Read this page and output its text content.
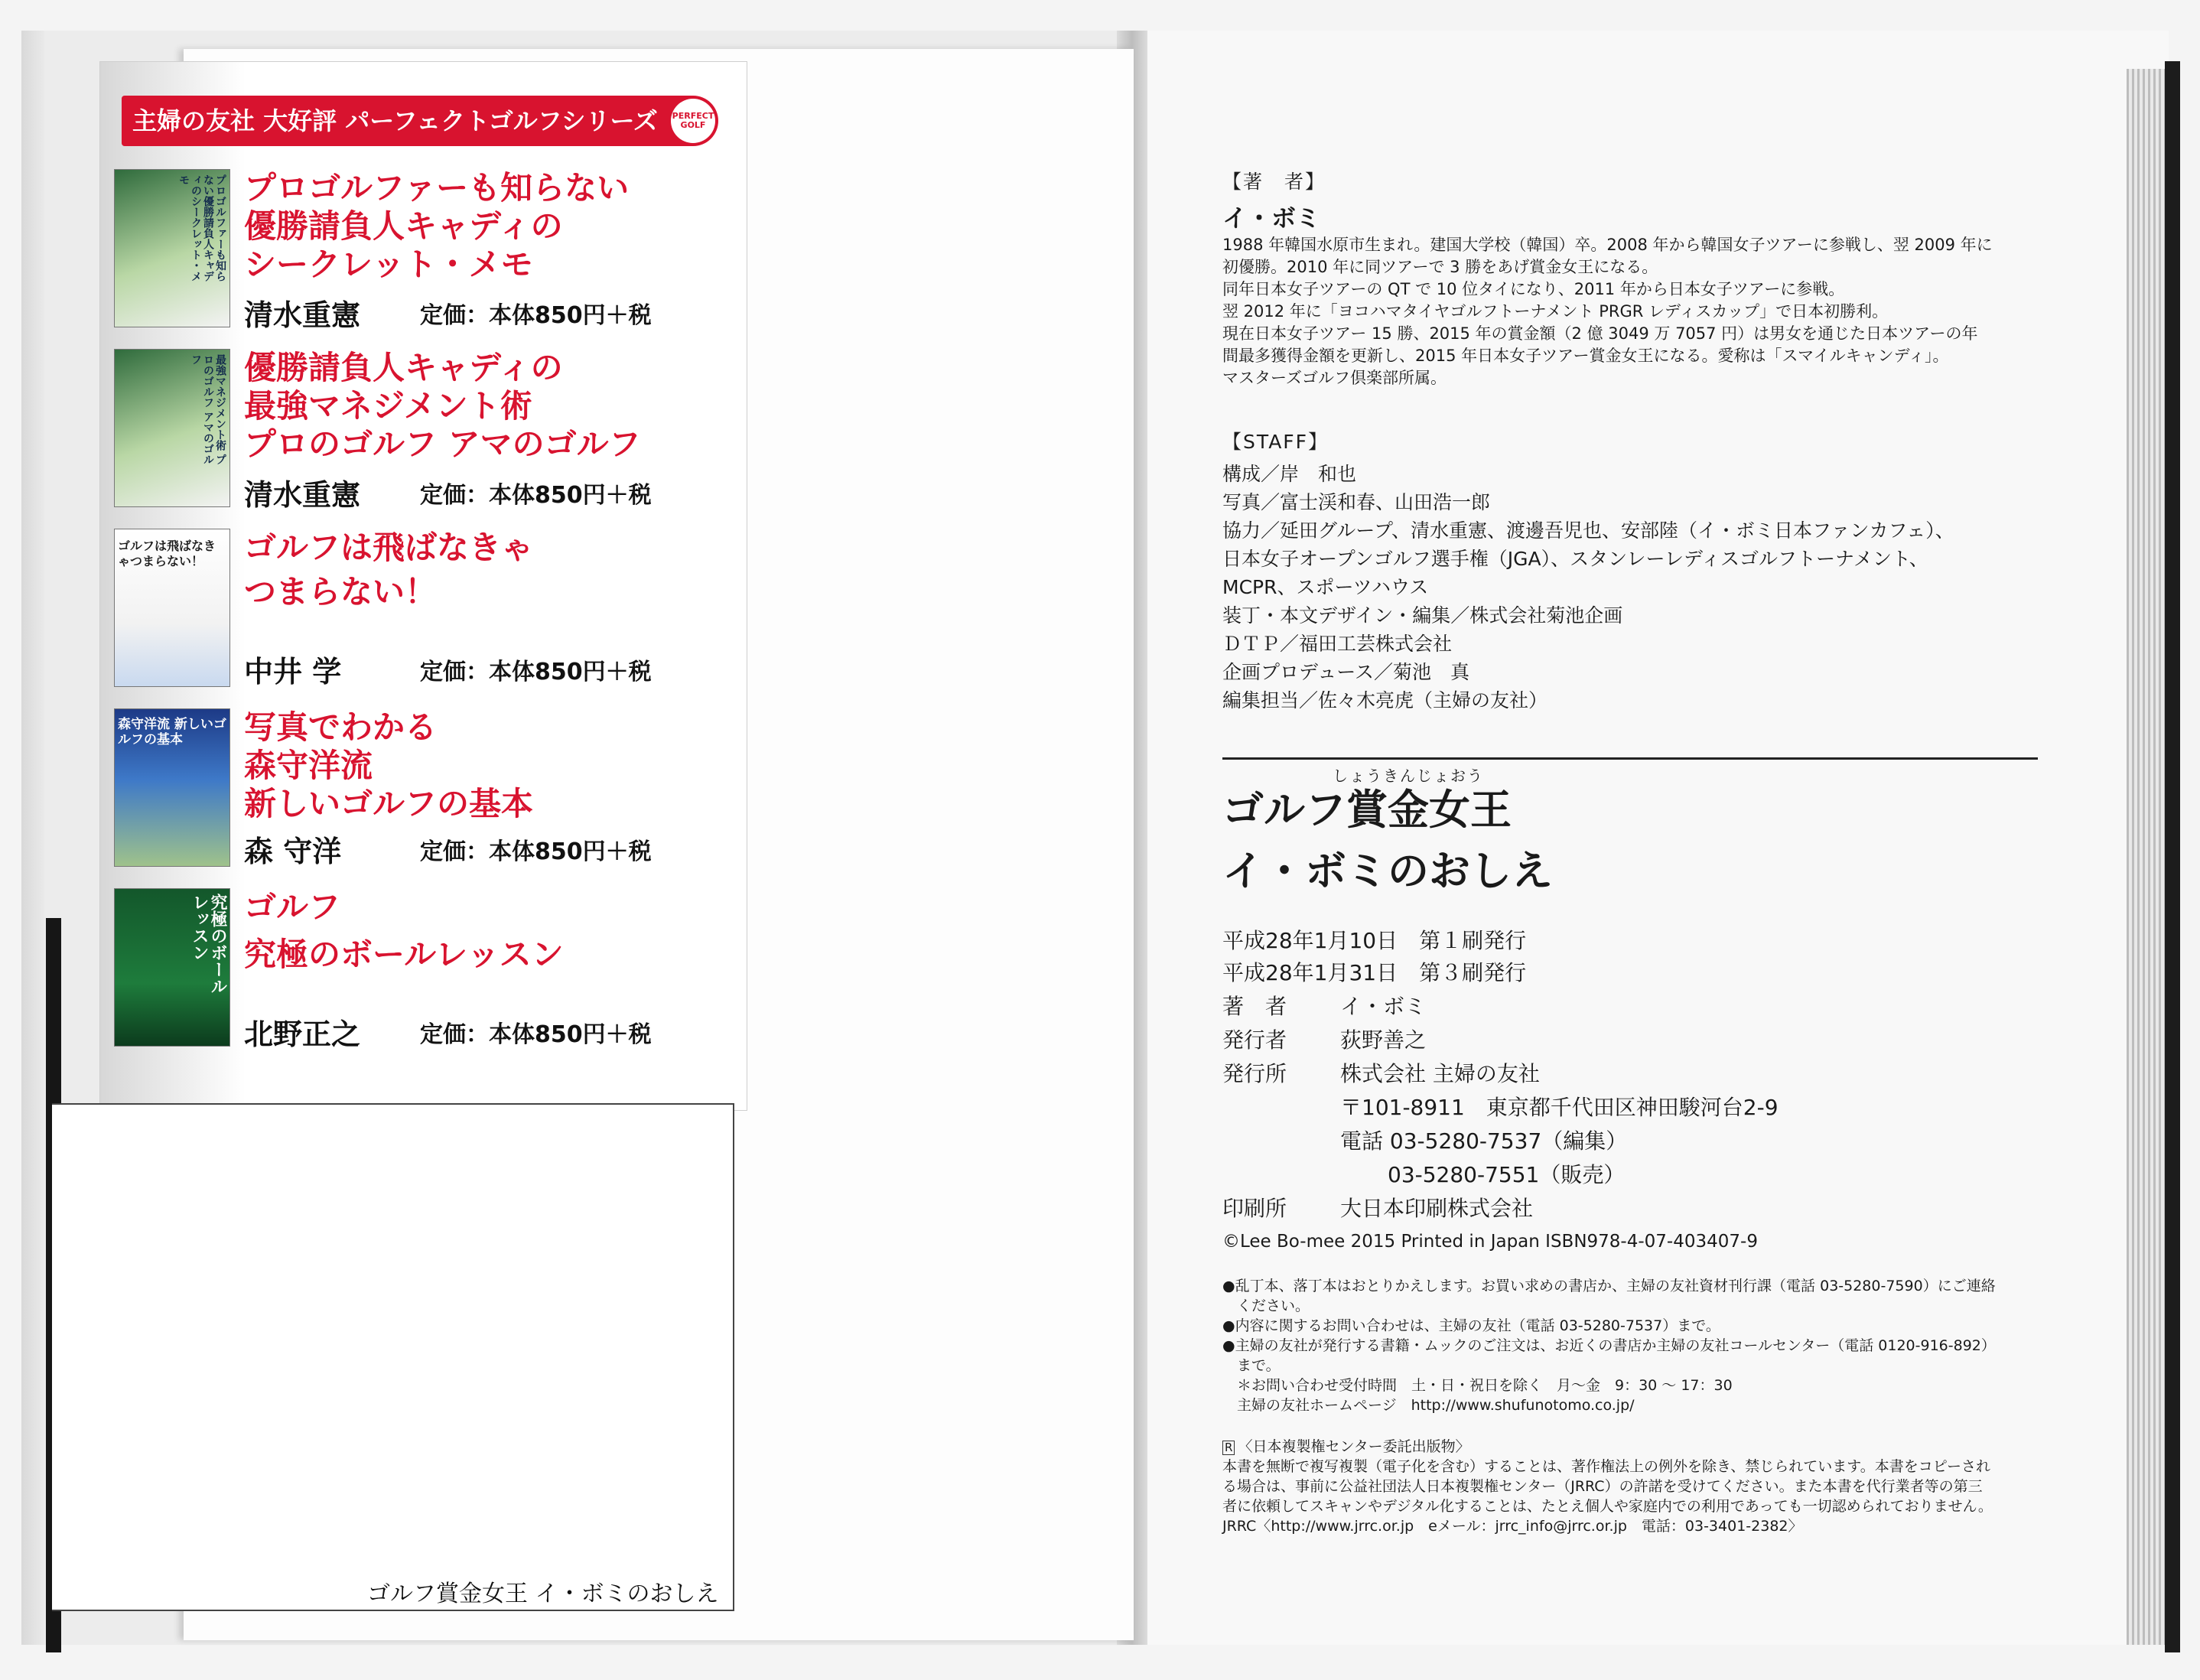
主婦の友社 大好評 パーフェクトゴルフシリーズ PERFECT GOLF
プロゴルファーも知らない優勝請負人キャディのシークレット・メモ	プロゴルファーも知らない
優勝請負人キャディの
シークレット・メモ
清水重憲	定価：本体850円＋税
最強マネジメント術 プロのゴルフ アマのゴルフ	優勝請負人キャディの
最強マネジメント術
プロのゴルフ アマのゴルフ
清水重憲	定価：本体850円＋税
ゴルフは飛ばなきゃつまらない！	ゴルフは飛ばなきゃ
つまらない！
中井 学	定価：本体850円＋税
森守洋流 新しいゴルフの基本	写真でわかる
森守洋流
新しいゴルフの基本
森 守洋	定価：本体850円＋税
究極のボールレッスン	ゴルフ
究極のボールレッスン
北野正之	定価：本体850円＋税
ゴルフ賞金女王 イ・ボミのおしえ
【著　者】
イ・ボミ
1988 年韓国水原市生まれ。建国大学校（韓国）卒。2008 年から韓国女子ツアーに参戦し、翌 2009 年に
初優勝。2010 年に同ツアーで 3 勝をあげ賞金女王になる。
同年日本女子ツアーの QT で 10 位タイになり、2011 年から日本女子ツアーに参戦。
翌 2012 年に「ヨコハマタイヤゴルフトーナメント PRGR レディスカップ」で日本初勝利。
現在日本女子ツアー 15 勝、2015 年の賞金額（2 億 3049 万 7057 円）は男女を通じた日本ツアーの年
間最多獲得金額を更新し、2015 年日本女子ツアー賞金女王になる。愛称は「スマイルキャンディ」。
マスターズゴルフ倶楽部所属。
【STAFF】
構成／岸　和也
写真／富士渓和春、山田浩一郎
協力／延田グループ、清水重憲、渡邊吾児也、安部陸（イ・ボミ日本ファンカフェ）、
日本女子オープンゴルフ選手権（JGA）、スタンレーレディスゴルフトーナメント、
MCPR、スポーツハウス
装丁・本文デザイン・編集／株式会社菊池企画
ＤＴＰ／福田工芸株式会社
企画プロデュース／菊池　真
編集担当／佐々木亮虎（主婦の友社）
しょうきんじょおう
ゴルフ賞金女王
イ・ボミのおしえ
平成28年1月10日　第１刷発行
平成28年1月31日　第３刷発行
著　者 イ・ボミ
発行者 荻野善之
発行所 株式会社 主婦の友社
〒101-8911　東京都千代田区神田駿河台2-9
電話 03-5280-7537（編集）
03-5280-7551（販売）
印刷所 大日本印刷株式会社
©Lee Bo-mee 2015 Printed in Japan ISBN978-4-07-403407-9
●乱丁本、落丁本はおとりかえします。お買い求めの書店か、主婦の友社資材刊行課（電話 03-5280-7590）にご連絡
　ください。
●内容に関するお問い合わせは、主婦の友社（電話 03-5280-7537）まで。
●主婦の友社が発行する書籍・ムックのご注文は、お近くの書店か主婦の友社コールセンター（電話 0120-916-892）
　まで。
　＊お問い合わせ受付時間　土・日・祝日を除く　月～金　9：30 ～ 17：30
　主婦の友社ホームページ　http://www.shufunotomo.co.jp/
R 〈日本複製権センター委託出版物〉
本書を無断で複写複製（電子化を含む）することは、著作権法上の例外を除き、禁じられています。本書をコピーされ
る場合は、事前に公益社団法人日本複製権センター（JRRC）の許諾を受けてください。また本書を代行業者等の第三
者に依頼してスキャンやデジタル化することは、たとえ個人や家庭内での利用であっても一切認められておりません。
JRRC〈http://www.jrrc.or.jp　eメール：jrrc_info@jrrc.or.jp　電話：03-3401-2382〉
